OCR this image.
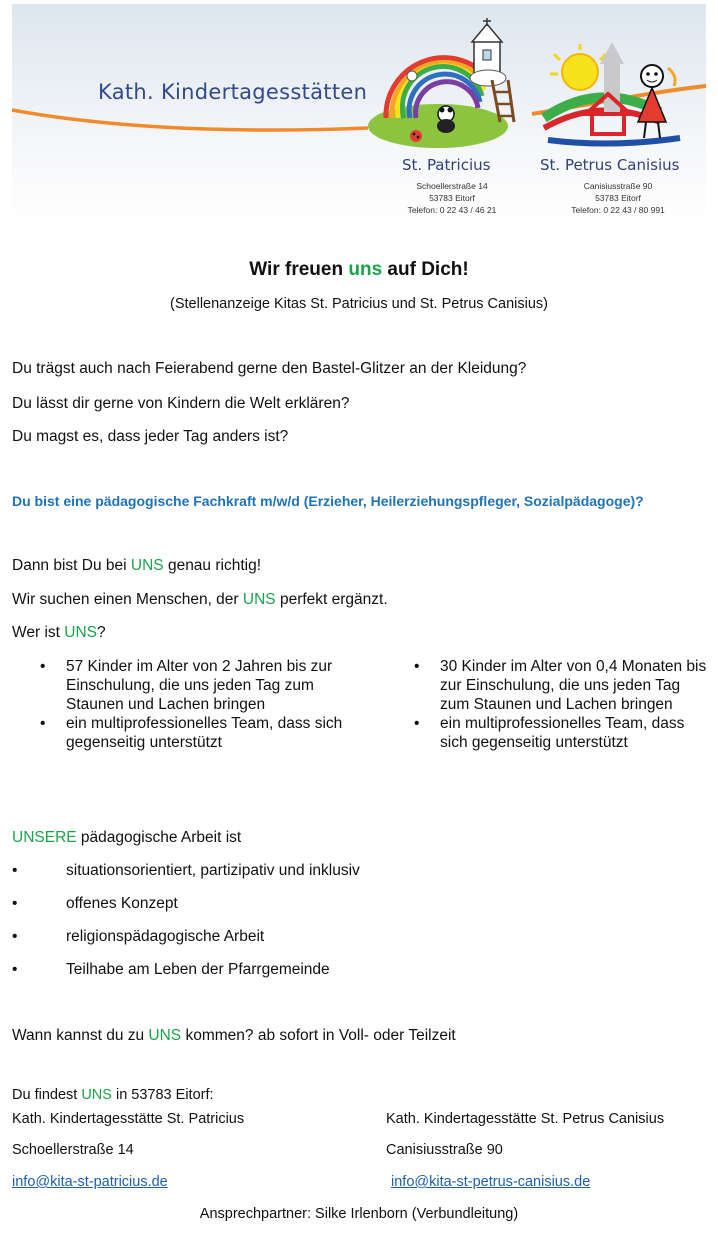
Kath. Kindertagesstätten
St. Patricius	St. Petrus Canisius
Schoellerstraße 14
53783 Eitorf
Telefon: 0 22 43 / 46 21
Canisiusstraße 90
53783 Eitorf
Telefon: 0 22 43 / 80 991
Wir freuen uns auf Dich!
(Stellenanzeige Kitas St. Patricius und St. Petrus Canisius)
Du trägst auch nach Feierabend gerne den Bastel-Glitzer an der Kleidung?
Du lässt dir gerne von Kindern die Welt erklären?
Du magst es, dass jeder Tag anders ist?
Du bist eine pädagogische Fachkraft m/w/d (Erzieher, Heilerziehungspfleger, Sozialpädagoge)?
Dann bist Du bei UNS genau richtig!
Wir suchen einen Menschen, der UNS perfekt ergänzt.
Wer ist UNS?
• 57 Kinder im Alter von 2 Jahren bis zur Einschulung, die uns jeden Tag zum Staunen und Lachen bringen
• ein multiprofessionelles Team, dass sich gegenseitig unterstützt
• 30 Kinder im Alter von 0,4 Monaten bis zur Einschulung, die uns jeden Tag zum Staunen und Lachen bringen
• ein multiprofessionelles Team, dass sich gegenseitig unterstützt
UNSERE pädagogische Arbeit ist
•	situationsorientiert, partizipativ und inklusiv
•	offenes Konzept
•	religionspädagogische Arbeit
•	Teilhabe am Leben der Pfarrgemeinde
Wann kannst du zu UNS kommen? ab sofort in Voll- oder Teilzeit
Du findest UNS in 53783 Eitorf:
Kath. Kindertagesstätte St. Patricius	Kath. Kindertagesstätte St. Petrus Canisius
Schoellerstraße 14	Canisiusstraße 90
info@kita-st-patricius.de	info@kita-st-petrus-canisius.de
Ansprechpartner: Silke Irlenborn (Verbundleitung)
